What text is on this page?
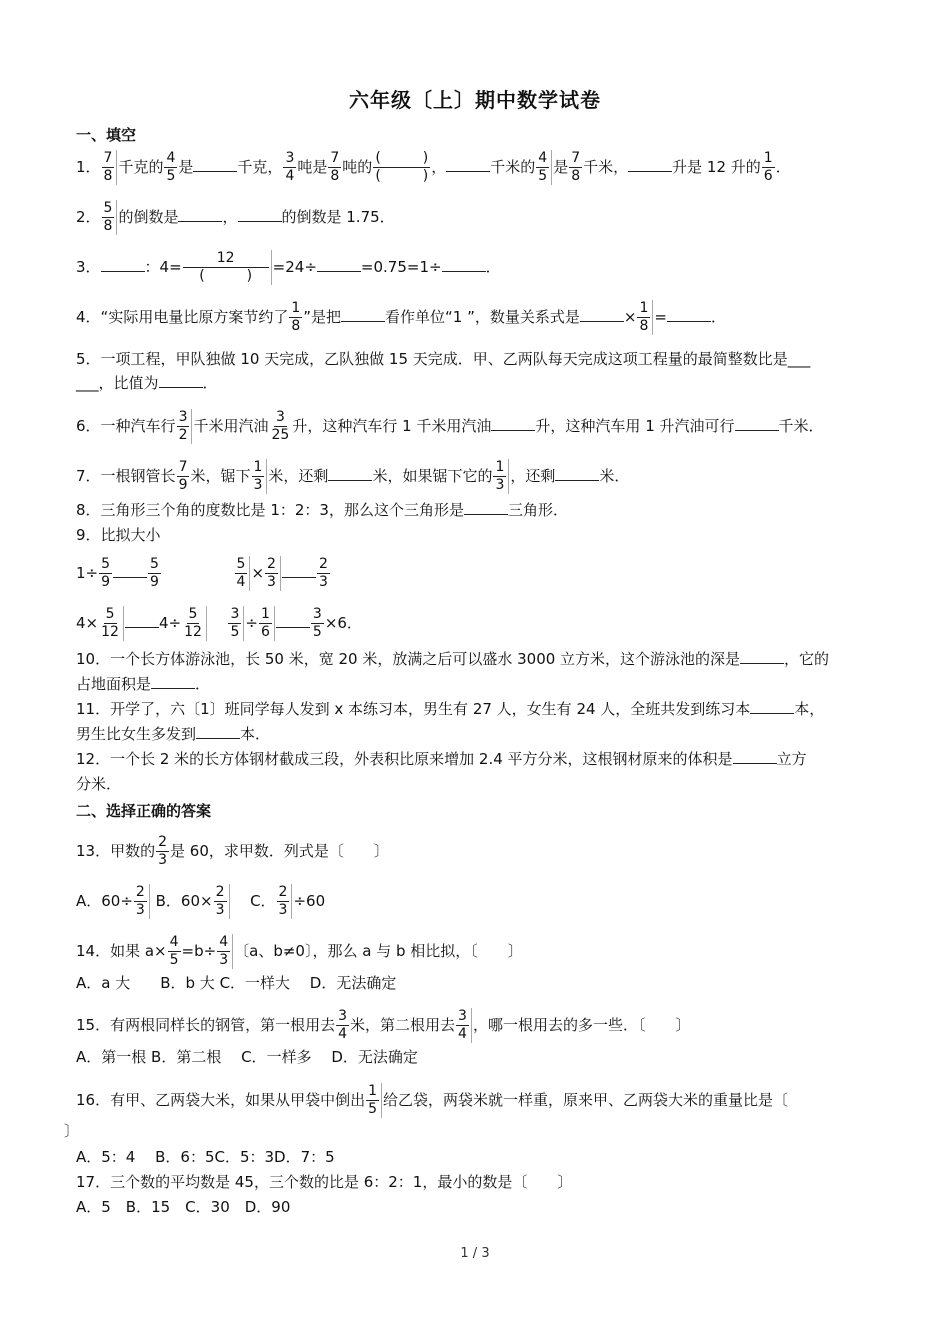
六年级〔上〕期中数学试卷
一、填空
1． $\frac{7}{8}$ 千克的 $\frac{4}{5}$ 是	千克， $\frac{3}{4}$ 吨是 $\frac{7}{8}$ 吨的 $\frac{( )}{( )}$ ，	千米的 $\frac{4}{5}$ 是 $\frac{7}{8}$ 千米，	升是 12 升的 $\frac{1}{6}$ ．
2． $\frac{5}{8}$ 的倒数是	，	的倒数是 1.75．
3．	：$4= \frac{12}{( )} =24\div$	=0.75=1÷	．
4．“实际用电量比原方案节约了 $\frac{1}{8}$ ”是把	看作单位“1 ”，数量关系式是	× $\frac{1}{8}$ =	．
5．一项工程，甲队独做 10 天完成，乙队独做 15 天完成．甲、乙两队每天完成这项工程量的最简整数比是___
___，比值为	．
6．一种汽车行 $\frac{3}{2}$ 千米用汽油 $\frac{3}{25}$ 升，这种汽车行 1 千米用汽油	升，这种汽车用 1 升汽油可行	千米．
7．一根钢管长 $\frac{7}{9}$ 米，锯下 $\frac{1}{3}$ 米，还剩	米，如果锯下它的 $\frac{1}{3}$ ，还剩	米．
8．三角形三个角的度数比是 1：2：3，那么这个三角形是	三角形．
9．比拟大小
$1\div \frac{5}{9}$	$\frac{5}{9}$
	$\frac{5}{4} \times \frac{2}{3}$	$\frac{2}{3}$
$4\times \frac{5}{12} 4\div \frac{5}{12}$
$\frac{3}{5} \div \frac{1}{6}$	$\frac{3}{5} \times 6$．
10．一个长方体游泳池，长 50 米，宽 20 米，放满之后可以盛水 3000 立方米，这个游泳池的深是	，它的
占地面积是	．
11．开学了，六〔1〕班同学每人发到 x 本练习本，男生有 27 人，女生有 24 人，全班共发到练习本	本，
男生比女生多发到	本．
12．一个长 2 米的长方体钢材截成三段，外表积比原来增加 2.4 平方分米，这根钢材原来的体积是	立方
分米．
二、选择正确的答案
13．甲数的 $\frac{2}{3}$ 是 60，求甲数．列式是〔　　〕
A．$60\div \frac{2}{3}$ B．$60\times \frac{2}{3}$ C． $\frac{2}{3} \div 60$
14．如果 $a\times \frac{4}{5} =b\div \frac{4}{3}$ 〔a、b≠0〕，那么 a 与 b 相比拟，〔　　〕
A．a 大　　B．b 大 C．一样大　 D．无法确定
15．有两根同样长的钢管，第一根用去 $\frac{3}{4}$ 米，第二根用去 $\frac{3}{4}$ ，哪一根用去的多一些．〔　　〕
A．第一根 B．第二根　 C．一样多　 D．无法确定
16．有甲、乙两袋大米，如果从甲袋中倒出 $\frac{1}{5}$ 给乙袋，两袋米就一样重，原来甲、乙两袋大米的重量比是〔
〕
A．5：4　 B．6：5C．5：3D．7：5
17．三个数的平均数是 45，三个数的比是 6：2：1，最小的数是〔　　〕
A．5　B．15　C．30　D．90
1 / 3
